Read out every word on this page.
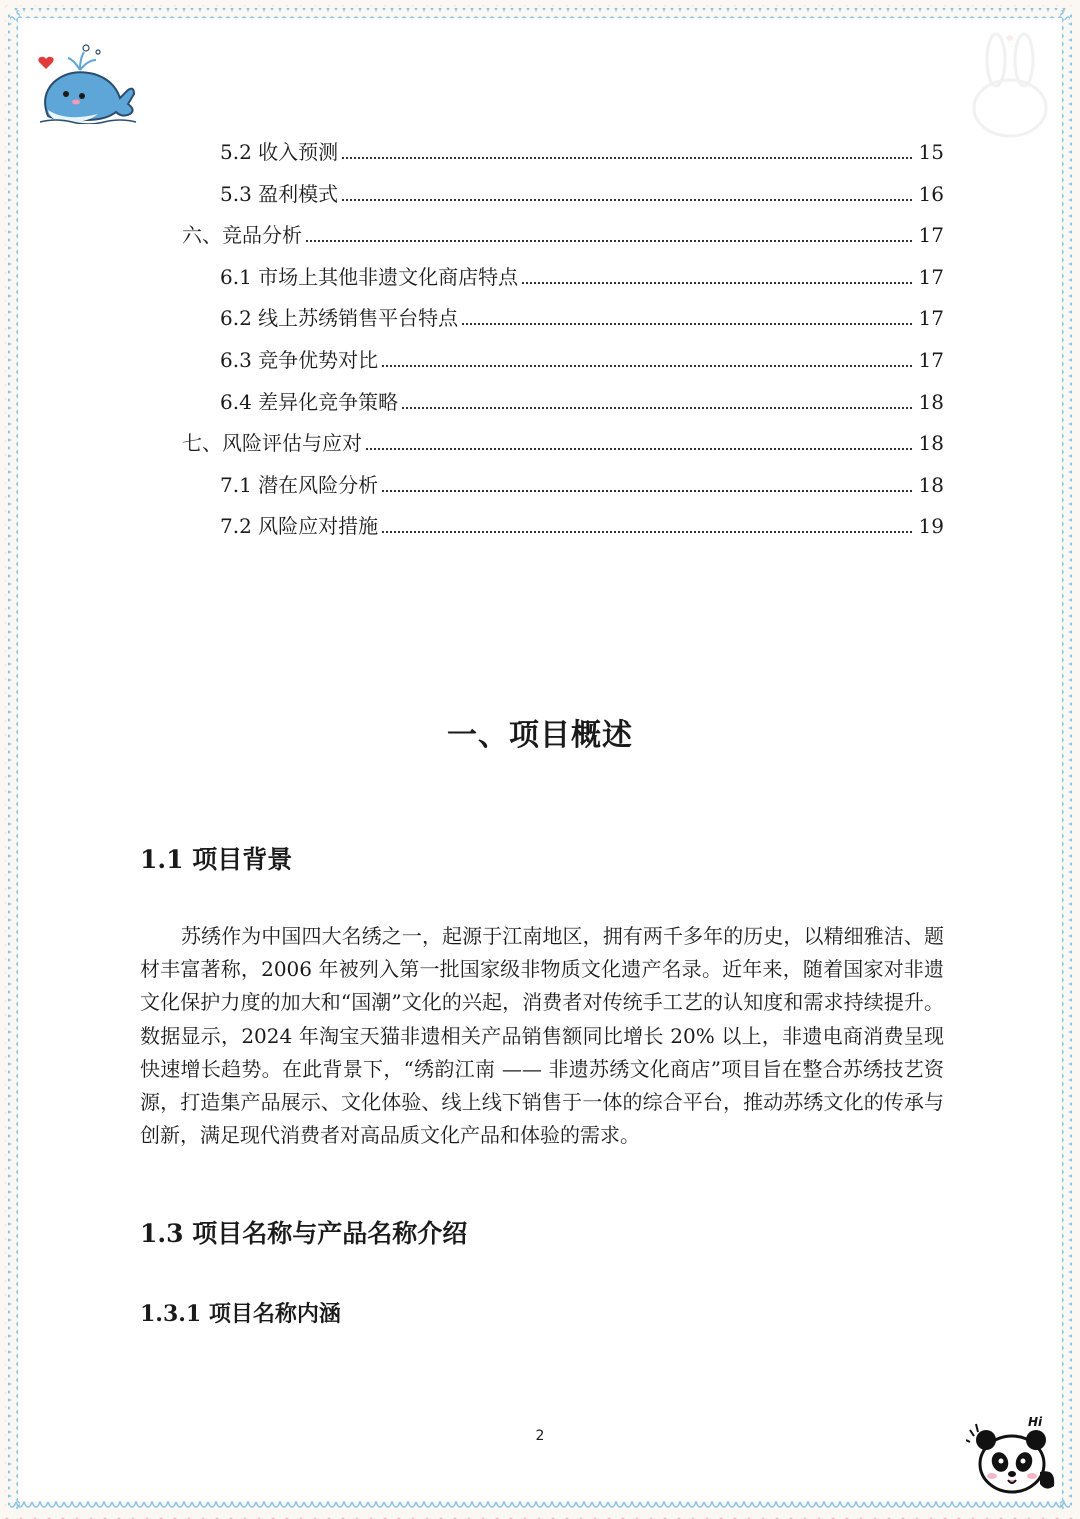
5.2 收入预测	15
5.3 盈利模式	16
六、竞品分析	17
6.1 市场上其他非遗文化商店特点	17
6.2 线上苏绣销售平台特点	17
6.3 竞争优势对比	17
6.4 差异化竞争策略	18
七、风险评估与应对	18
7.1 潜在风险分析	18
7.2 风险应对措施	19
一、项目概述
1.1 项目背景

苏绣作为中国四大名绣之一，起源于江南地区，拥有两千多年的历史，以精细雅洁、题材丰富著称，2006 年被列入第一批国家级非物质文化遗产名录。近年来，随着国家对非遗文化保护力度的加大和“国潮”文化的兴起，消费者对传统手工艺的认知度和需求持续提升。数据显示，2024 年淘宝天猫非遗相关产品销售额同比增长 20% 以上，非遗电商消费呈现快速增长趋势。在此背景下，“绣韵江南 —— 非遗苏绣文化商店”项目旨在整合苏绣技艺资源，打造集产品展示、文化体验、线上线下销售于一体的综合平台，推动苏绣文化的传承与创新，满足现代消费者对高品质文化产品和体验的需求。

1.3 项目名称与产品名称介绍
1.3.1 项目名称内涵
2
Hi
